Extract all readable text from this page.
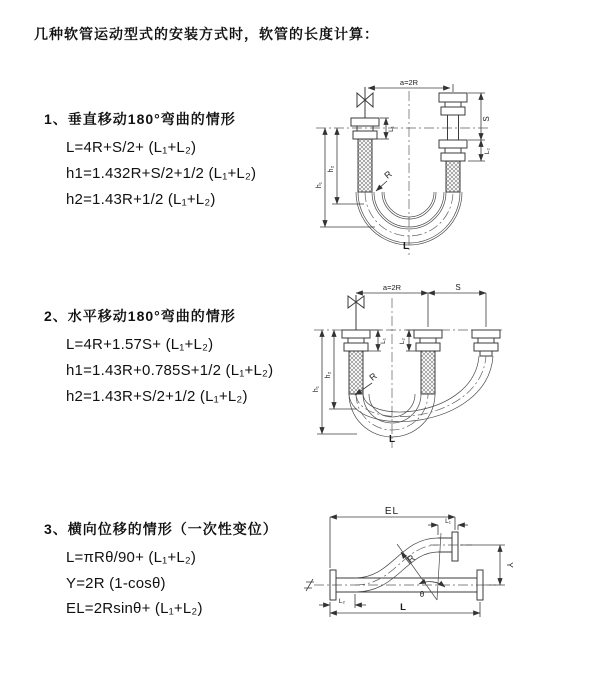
几种软管运动型式的安装方式时，软管的长度计算：
1、垂直移动180°弯曲的情形
L=4R+S/2+ (L₁+L₂)
h1=1.432R+S/2+1/2 (L₁+L₂)
h2=1.43R+1/2 (L₁+L₂)
2、水平移动180°弯曲的情形
L=4R+1.57S+ (L₁+L₂)
h1=1.43R+0.785S+1/2 (L₁+L₂)
h2=1.43R+S/2+1/2 (L₁+L₂)
3、横向位移的情形（一次性变位）
L=πRθ/90+ (L₁+L₂)
Y=2R (1-cosθ)
EL=2Rsinθ+ (L₁+L₂)
R
a=2R
S
L₂
L₁
h₂
h₁
L
a=2R	S
R
h₁
h₂
L₁ L₂
L
θ
R
EL
L₁
Y
L₂
L
